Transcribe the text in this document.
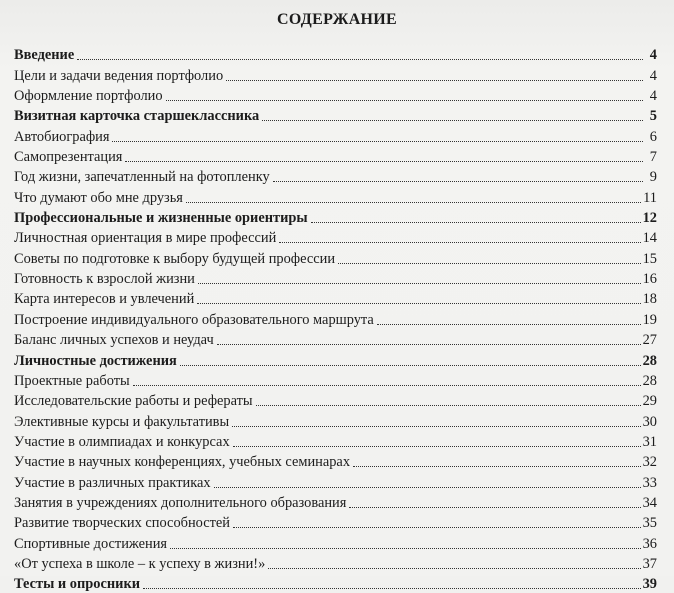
СОДЕРЖАНИЕ
Введение	4
Цели и задачи ведения портфолио	4
Оформление портфолио	4
Визитная карточка старшеклассника	5
Автобиография	6
Самопрезентация	7
Год жизни, запечатленный на фотопленку	9
Что думают обо мне друзья	11
Профессиональные и жизненные ориентиры	12
Личностная ориентация в мире профессий	14
Советы по подготовке к выбору будущей профессии	15
Готовность к взрослой жизни	16
Карта интересов и увлечений	18
Построение индивидуального образовательного маршрута	19
Баланс личных успехов и неудач	27
Личностные достижения	28
Проектные работы	28
Исследовательские работы и рефераты	29
Элективные курсы и факультативы	30
Участие в олимпиадах и конкурсах	31
Участие в научных конференциях, учебных семинарах	32
Участие в различных практиках	33
Занятия в учреждениях дополнительного образования	34
Развитие творческих способностей	35
Спортивные достижения	36
«От успеха в школе – к успеху в жизни!»	37
Тесты и опросники	39
